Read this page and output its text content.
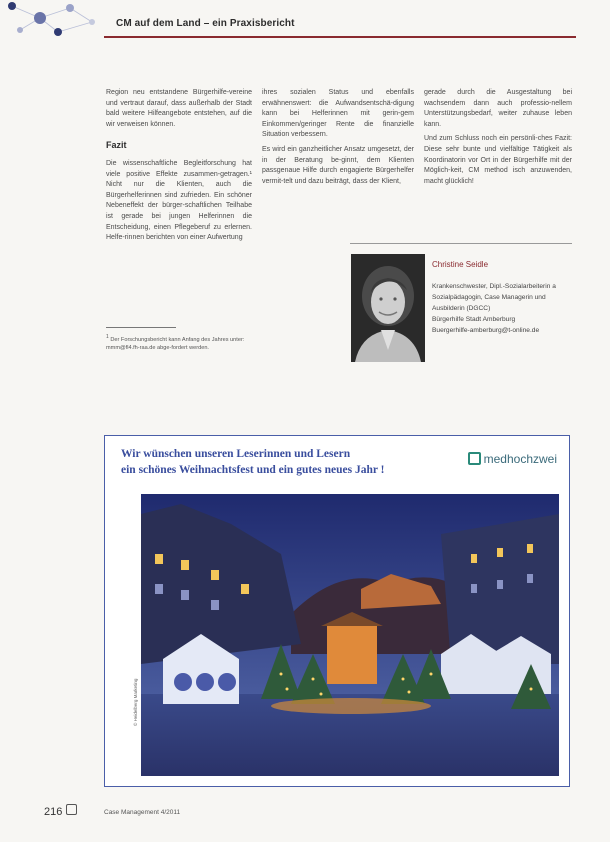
CM auf dem Land – ein Praxisbericht

Region neu entstandene Bürgerhilfe-vereine und vertraut darauf, dass außerhalb der Stadt bald weitere Hilfeangebote entstehen, auf die wir verweisen können.

Fazit

Die wissenschaftliche Begleitforschung hat viele positive Effekte zusammen-getragen.¹ Nicht nur die Klienten, auch die Bürgerhelferinnen sind zufrieden. Ein schöner Nebeneffekt der bürger-schaftlichen Teilhabe ist gerade bei jungen Helferinnen die Entscheidung, einen Pflegeberuf zu erlernen. Helfe-rinnen berichten von einer Aufwertung

ihres sozialen Status und ebenfalls erwähnenswert: die Aufwandsentschä-digung kann bei Helferinnen mit gerin-gem Einkommen/geringer Rente die finanzielle Situation verbessern.

Es wird ein ganzheitlicher Ansatz umgesetzt, der in der Beratung be-ginnt, dem Klienten passgenaue Hilfe durch engagierte Bürgerhelfer vermit-telt und dazu beiträgt, dass der Klient,

gerade durch die Ausgestaltung bei wachsendem dann auch professio-nellem Unterstützungsbedarf, weiter zuhause leben kann.

Und zum Schluss noch ein persönli-ches Fazit: Diese sehr bunte und vielfältige Tätigkeit als Koordinatorin vor Ort in der Bürgerhilfe mit der Möglich-keit, CM method isch anzuwenden, macht glücklich!

$^1$ Der Forschungsbericht kann Anfang des Jahres unter: mmm@fl4.fh-raa.de abge-fordert werden.
Christine Seidle
Krankenschwester, Dipl.-Sozialarbeiterin a
Sozialpädagogin, Case Managerin und
Ausbilderin (DGCC)
Bürgerhilfe Stadt Amberburg
Buergerhilfe-amberburg@t-online.de
Wir wünschen unseren Leserinnen und Lesern
ein schönes Weihnachtsfest und ein gutes neues Jahr !
medhochzwei
© Heidelberg Marketing
216	Case Management 4/2011
